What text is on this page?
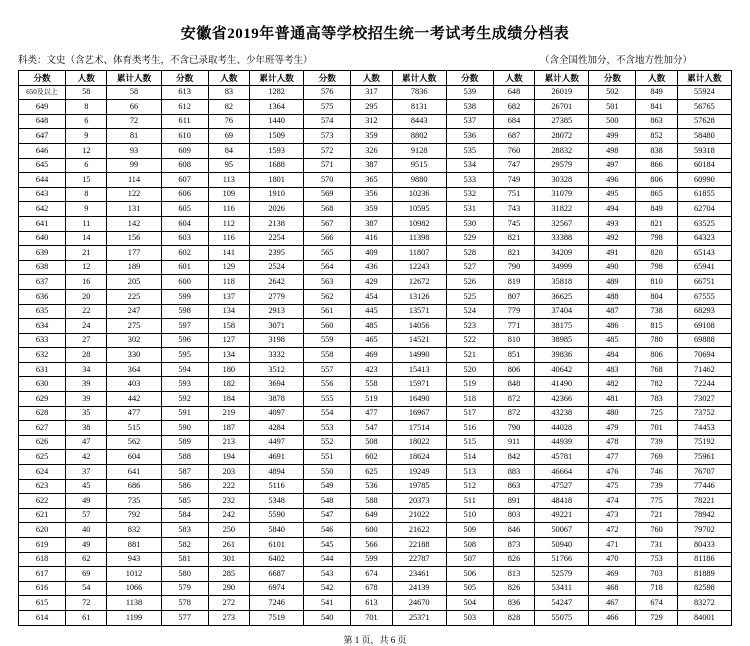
安徽省2019年普通高等学校招生统一考试考生成绩分档表
科类：文史（含艺术、体育类考生，不含已录取考生、少年班等考生）	（含全国性加分，不含地方性加分）
分数	人数	累计人数	分数	人数	累计人数	分数	人数	累计人数	分数	人数	累计人数	分数	人数	累计人数
650及以上	58	58	613	83	1282	576	317	7836	539	648	26019	502	849	55924
649	8	66	612	82	1364	575	295	8131	538	682	26701	501	841	56765
648	6	72	611	76	1440	574	312	8443	537	684	27385	500	863	57628
647	9	81	610	69	1509	573	359	8802	536	687	28072	499	852	58480
646	12	93	609	84	1593	572	326	9128	535	760	28832	498	838	59318
645	6	99	608	95	1688	571	387	9515	534	747	29579	497	866	60184
644	15	114	607	113	1801	570	365	9880	533	749	30328	496	806	60990
643	8	122	606	109	1910	569	356	10236	532	751	31079	495	865	61855
642	9	131	605	116	2026	568	359	10595	531	743	31822	494	849	62704
641	11	142	604	112	2138	567	387	10982	530	745	32567	493	821	63525
640	14	156	603	116	2254	566	416	11398	529	821	33388	492	798	64323
639	21	177	602	141	2395	565	409	11807	528	821	34209	491	820	65143
638	12	189	601	129	2524	564	436	12243	527	790	34999	490	798	65941
637	16	205	600	118	2642	563	429	12672	526	819	35818	489	810	66751
636	20	225	599	137	2779	562	454	13126	525	807	36625	488	804	67555
635	22	247	598	134	2913	561	445	13571	524	779	37404	487	738	68293
634	24	275	597	158	3071	560	485	14056	523	771	38175	486	815	69108
633	27	302	596	127	3198	559	465	14521	522	810	38985	485	780	69888
632	28	330	595	134	3332	558	469	14990	521	851	39836	484	806	70694
631	34	364	594	180	3512	557	423	15413	520	806	40642	483	768	71462
630	39	403	593	182	3694	556	558	15971	519	848	41490	482	782	72244
629	39	442	592	184	3878	555	519	16490	518	872	42366	481	783	73027
628	35	477	591	219	4097	554	477	16967	517	872	43238	480	725	73752
627	38	515	590	187	4284	553	547	17514	516	790	44028	479	701	74453
626	47	562	589	213	4497	552	508	18022	515	911	44939	478	739	75192
625	42	604	588	194	4691	551	602	18624	514	842	45781	477	769	75961
624	37	641	587	203	4894	550	625	19249	513	883	46664	476	746	76707
623	45	686	586	222	5116	549	536	19785	512	863	47527	475	739	77446
622	49	735	585	232	5348	548	588	20373	511	891	48418	474	775	78221
621	57	792	584	242	5590	547	649	21022	510	803	49221	473	721	78942
620	40	832	583	250	5840	546	600	21622	509	846	50067	472	760	79702
619	49	881	582	261	6101	545	566	22188	508	873	50940	471	731	80433
618	62	943	581	301	6402	544	599	22787	507	826	51766	470	753	81186
617	69	1012	580	285	6687	543	674	23461	506	813	52579	469	703	81889
616	54	1066	579	290	6974	542	678	24139	505	826	53411	468	718	82598
615	72	1138	578	272	7246	541	613	24670	504	836	54247	467	674	83272
614	61	1199	577	273	7519	540	701	25371	503	828	55075	466	729	84001
第 1 页，共 6 页
